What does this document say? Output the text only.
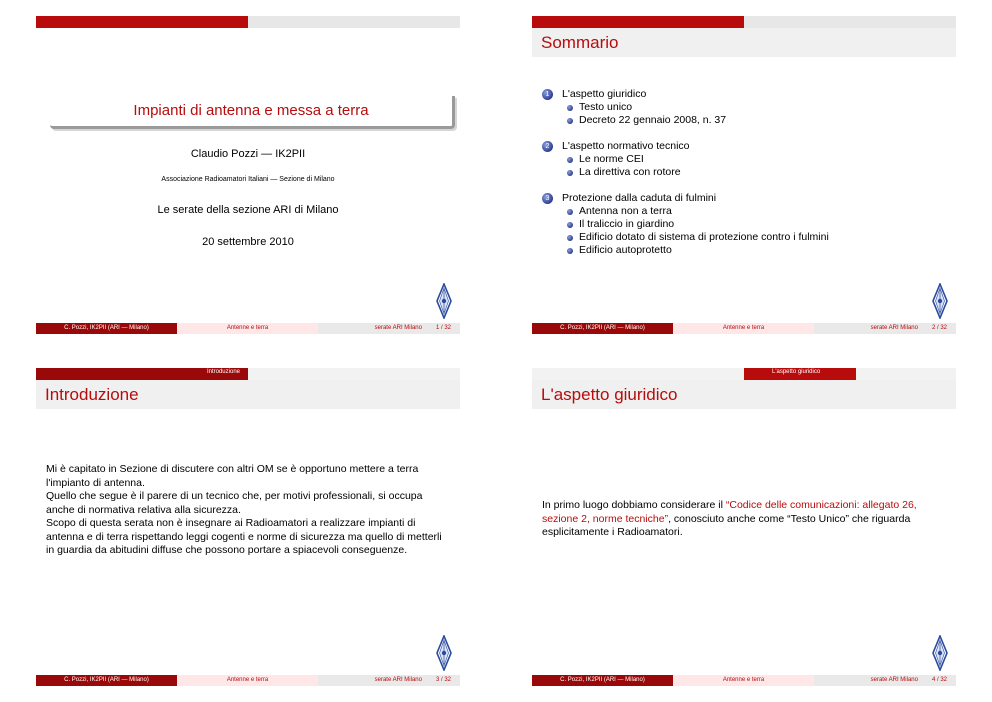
Impianti di antenna e messa a terra
Claudio Pozzi — IK2PII
Associazione Radioamatori Italiani — Sezione di Milano
Le serate della sezione ARI di Milano
20 settembre 2010
C. Pozzi, IK2PII (ARI — Milano)	Antenne e terra	serate ARI Milano 1 / 32
Sommario
1	L'aspetto giuridico
Testo unico
Decreto 22 gennaio 2008, n. 37
2	L'aspetto normativo tecnico
Le norme CEI
La direttiva con rotore
3	Protezione dalla caduta di fulmini
Antenna non a terra
Il traliccio in giardino
Edificio dotato di sistema di protezione contro i fulmini
Edificio autoprotetto
C. Pozzi, IK2PII (ARI — Milano)	Antenne e terra	serate ARI Milano 2 / 32
Introduzione
Introduzione
Mi è capitato in Sezione di discutere con altri OM se è opportuno mettere a terra l'impianto di antenna.
Quello che segue è il parere di un tecnico che, per motivi professionali, si occupa anche di normativa relativa alla sicurezza.
Scopo di questa serata non è insegnare ai Radioamatori a realizzare impianti di antenna e di terra rispettando leggi cogenti e norme di sicurezza ma quello di metterli in guardia da abitudini diffuse che possono portare a spiacevoli conseguenze.
C. Pozzi, IK2PII (ARI — Milano)	Antenne e terra	serate ARI Milano 3 / 32
L'aspetto giuridico
L'aspetto giuridico
In primo luogo dobbiamo considerare il “Codice delle comunicazioni: allegato 26, sezione 2, norme tecniche”, conosciuto anche come “Testo Unico” che riguarda esplicitamente i Radioamatori.
C. Pozzi, IK2PII (ARI — Milano)	Antenne e terra	serate ARI Milano 4 / 32
